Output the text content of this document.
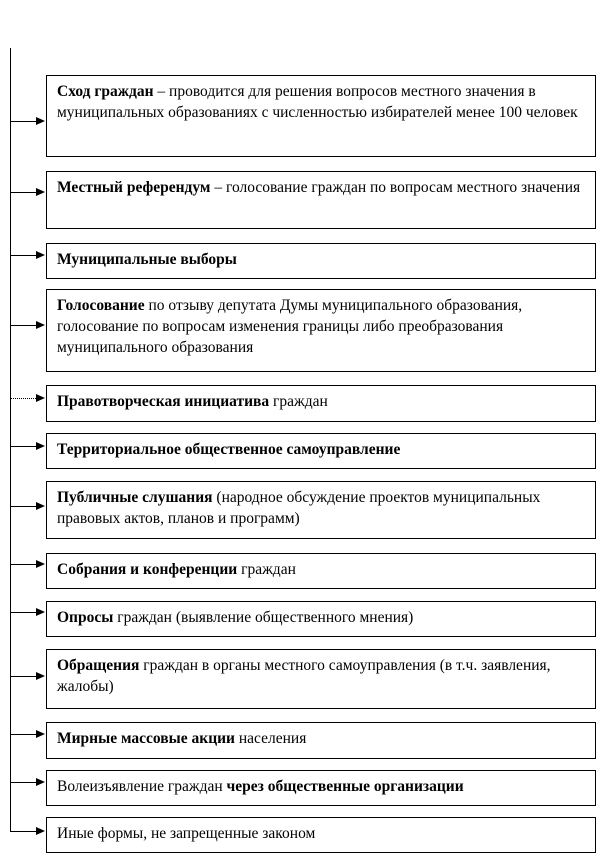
Сход граждан – проводится для решения вопросов местного значения в муниципальных образованиях с численностью избирателей менее 100 человек
Местный референдум – голосование граждан по вопросам местного значения
Муниципальные выборы
Голосование по отзыву депутата Думы муниципального образования, голосование по вопросам изменения границы либо преобразования муниципального образования
Правотворческая инициатива граждан
Территориальное общественное самоуправление
Публичные слушания (народное обсуждение проектов муниципальных правовых актов, планов и программ)
Собрания и конференции граждан
Опросы граждан (выявление общественного мнения)
Обращения граждан в органы местного самоуправления (в т.ч. заявления, жалобы)
Мирные массовые акции населения
Волеизъявление граждан через общественные организации
Иные формы, не запрещенные законом
